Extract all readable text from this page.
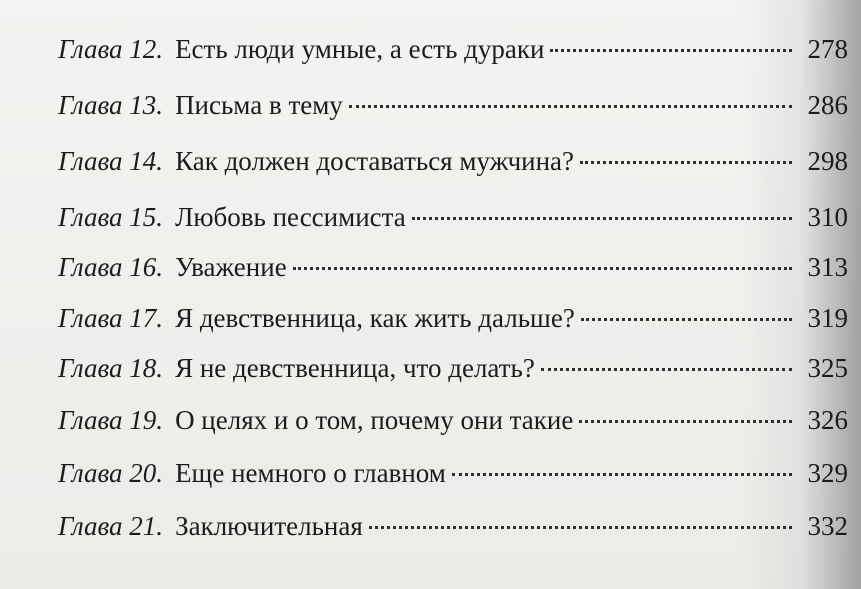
Глава 12. Есть люди умные, а есть дураки	278
Глава 13. Письма в тему	286
Глава 14. Как должен доставаться мужчина?	298
Глава 15. Любовь пессимиста	310
Глава 16. Уважение	313
Глава 17. Я девственница, как жить дальше?	319
Глава 18. Я не девственница, что делать?	325
Глава 19. О целях и о том, почему они такие	326
Глава 20. Еще немного о главном	329
Глава 21. Заключительная	332
